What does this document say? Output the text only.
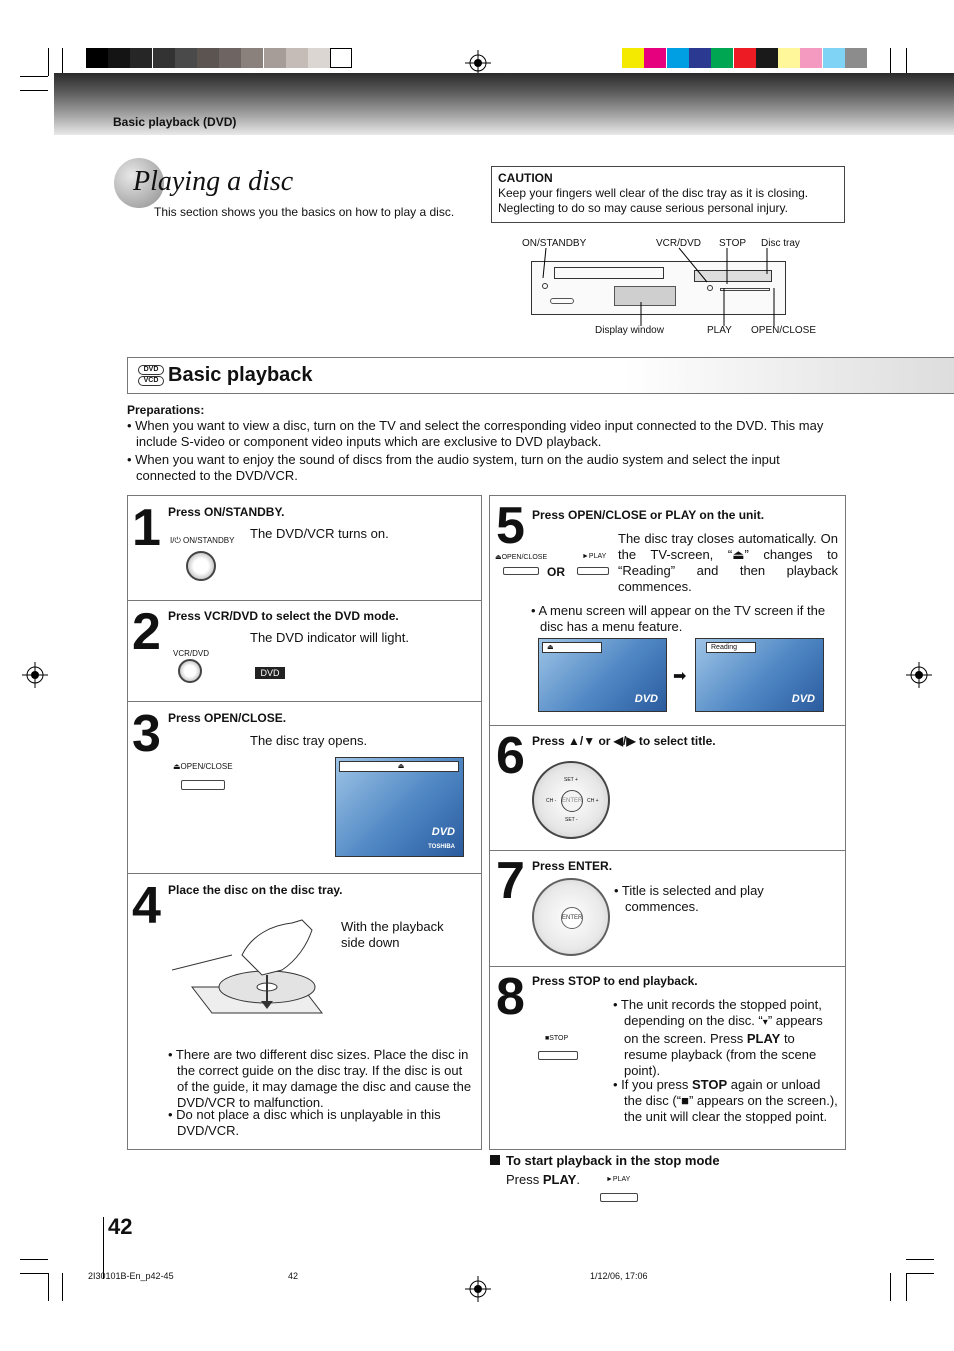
Basic playback (DVD)
Playing a disc
This section shows you the basics on how to play a disc.
CAUTION
Keep your fingers well clear of the disc tray as it is closing.
Neglecting to do so may cause serious personal injury.
ON/STANDBY	VCR/DVD STOP Disc tray
Display window	PLAY OPEN/CLOSE
DVD
VCD Basic playback
Preparations:
• When you want to view a disc, turn on the TV and select the corresponding video input connected to the DVD. This may include S-video or component video inputs which are exclusive to DVD playback.
• When you want to enjoy the sound of discs from the audio system, turn on the audio system and select the input connected to the DVD/VCR.
1 Press ON/STANDBY.
The DVD/VCR turns on.
I/⏻ ON/STANDBY
2 Press VCR/DVD to select the DVD mode.
The DVD indicator will light.
VCR/DVD
DVD
3 Press OPEN/CLOSE.
The disc tray opens.
⏏OPEN/CLOSE	⏏
DVD
TOSHIBA
4 Place the disc on the disc tray.
With the playback
side down
• There are two different disc sizes. Place the disc in the correct guide on the disc tray. If the disc is out of the guide, it may damage the disc and cause the DVD/VCR to malfunction.
• Do not place a disc which is unplayable in this DVD/VCR.
5 Press OPEN/CLOSE or PLAY on the unit.
⏏OPEN/CLOSE	►PLAY
OR
The disc tray closes automatically. On the TV-screen, “⏏” changes to “Reading” and then playback commences.
• A menu screen will appear on the TV screen if the disc has a menu feature.
⏏
DVD
➡
Reading
DVD
6 Press ▲/▼ or ◀/▶ to select title.
SET +
SET -
CH -	CH +
ENTER
7 Press ENTER.
• Title is selected and play commences.
ENTER
8 Press STOP to end playback.
■STOP
• The unit records the stopped point, depending on the disc. “▾” appears on the screen. Press PLAY to resume playback (from the scene point).
• If you press STOP again or unload the disc (“■” appears on the screen.), the unit will clear the stopped point.
To start playback in the stop mode
Press PLAY.	►PLAY
42
2I30101B-En_p42-45	42	1/12/06, 17:06
